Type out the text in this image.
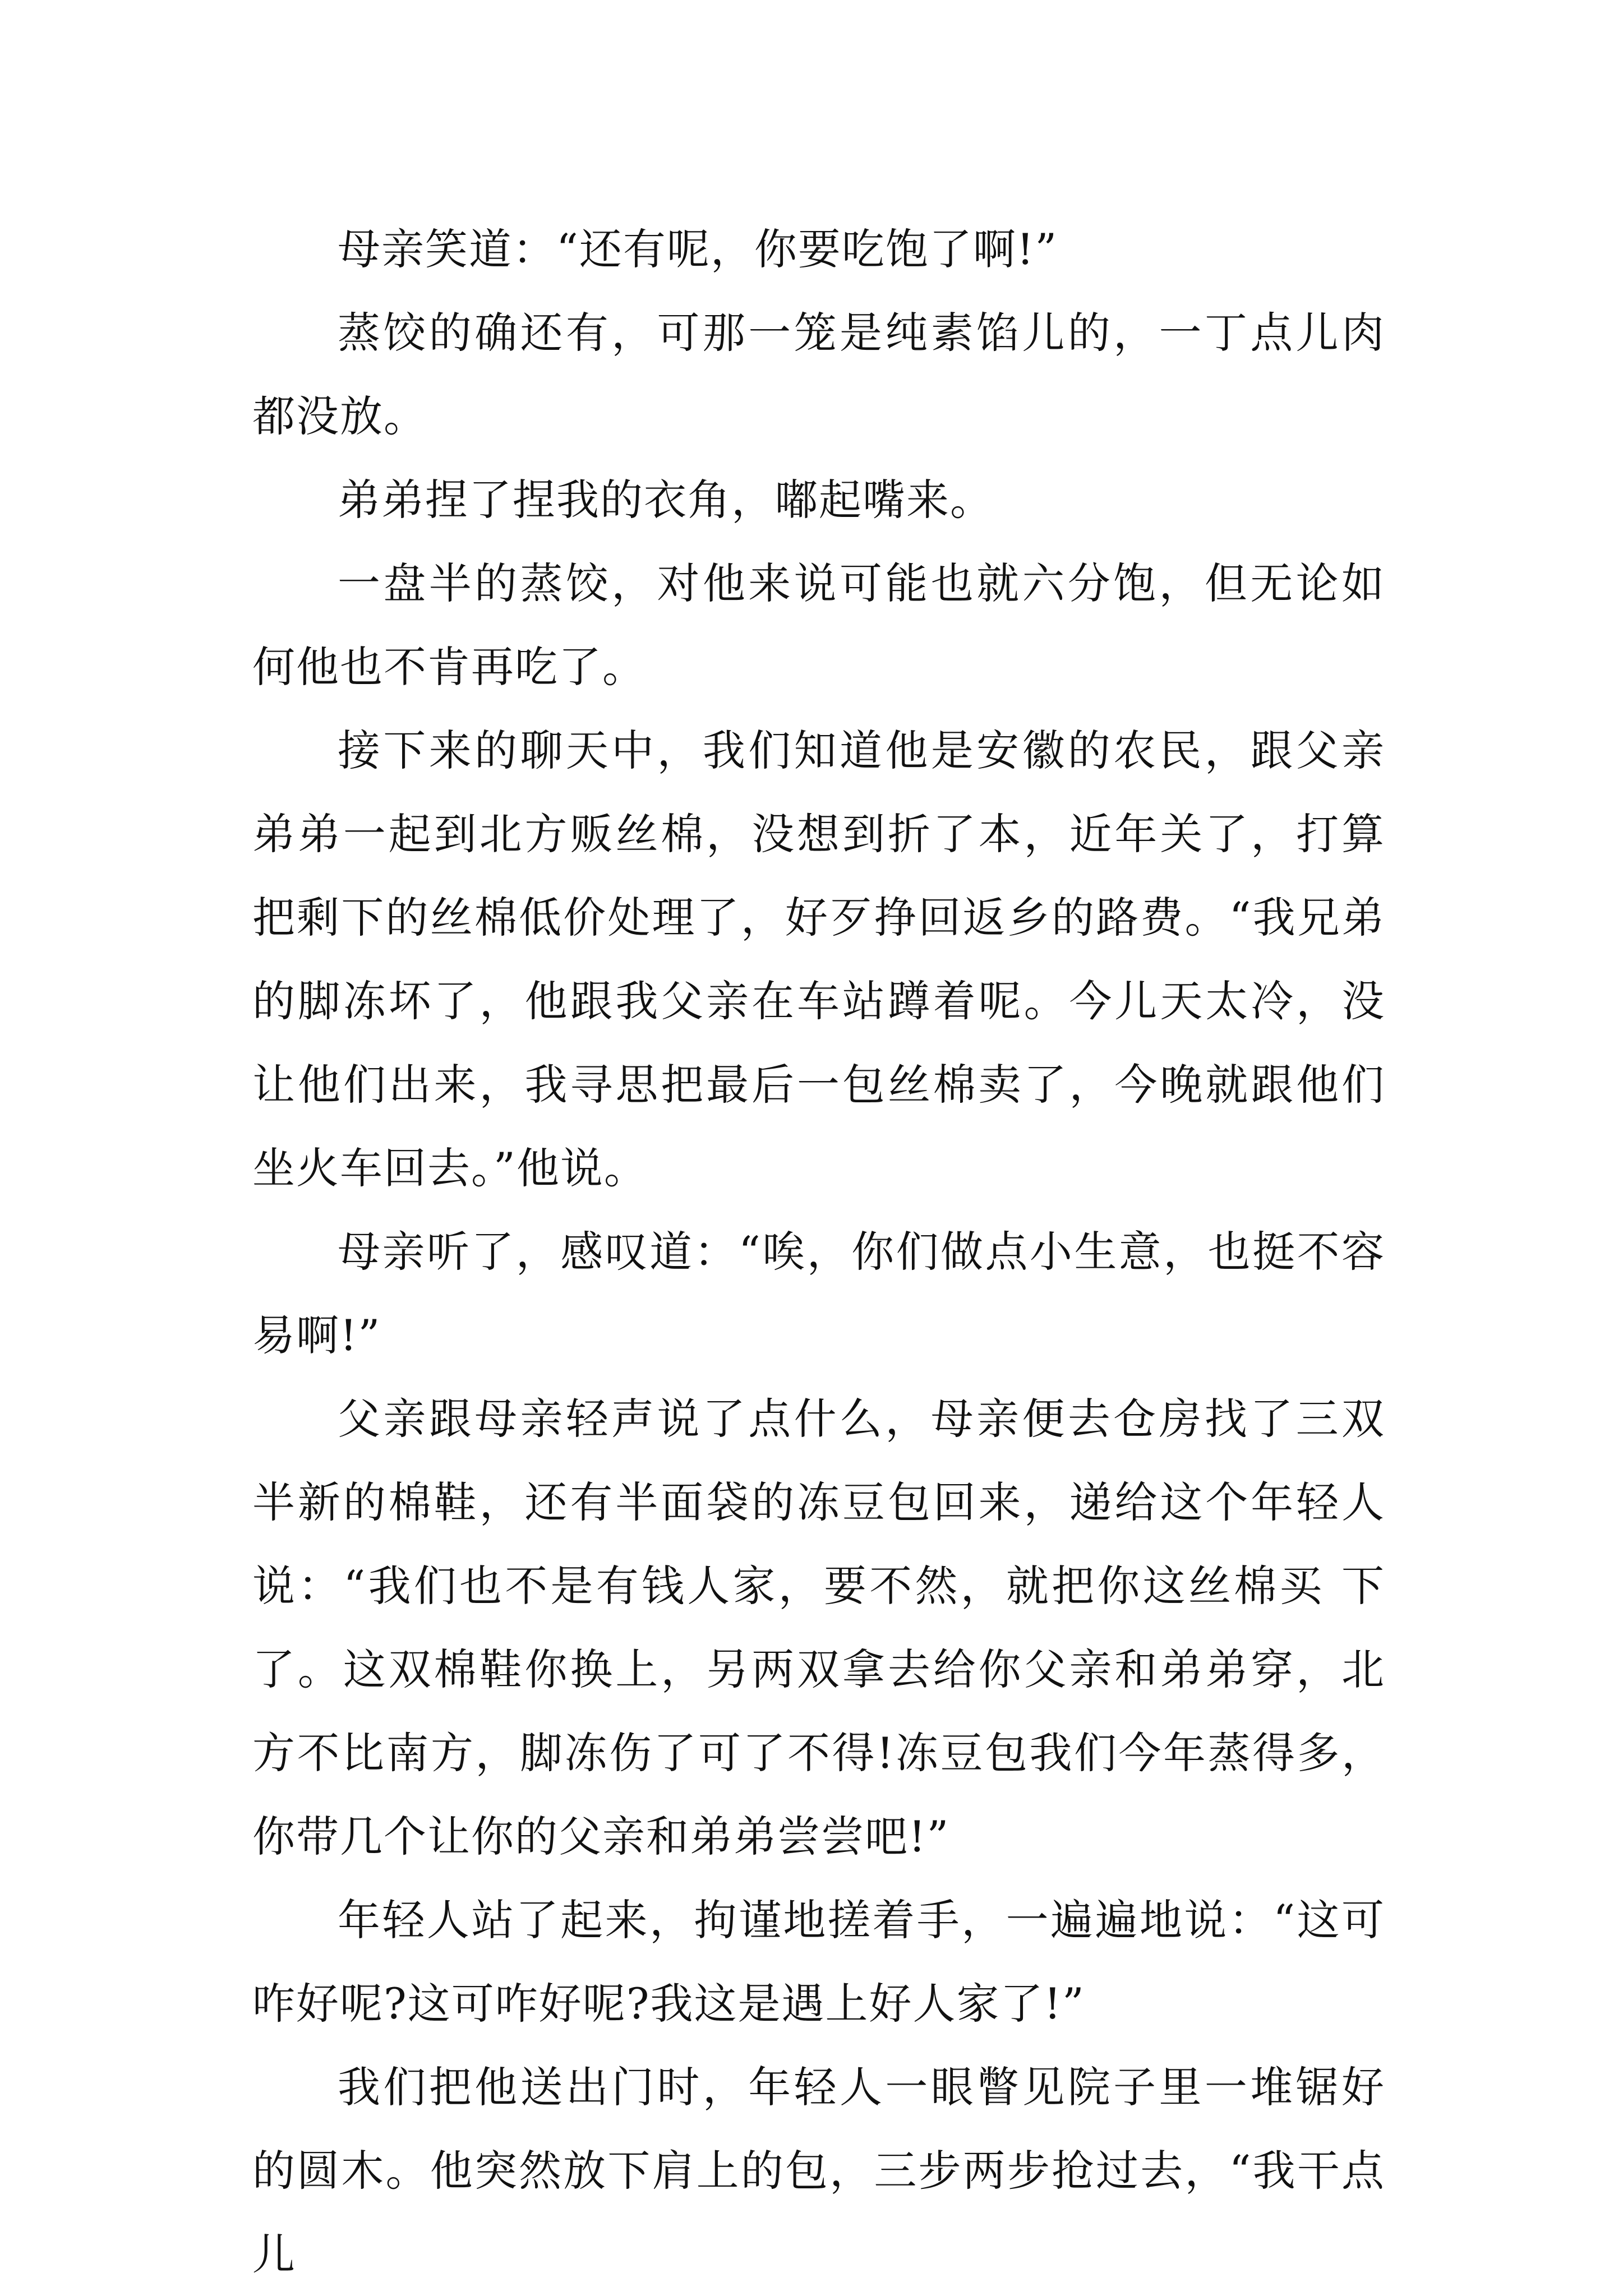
母亲笑道：“还有呢，你要吃饱了啊!”

蒸饺的确还有，可那一笼是纯素馅儿的，一丁点儿肉都没放。

弟弟捏了捏我的衣角，嘟起嘴来。

一盘半的蒸饺，对他来说可能也就六分饱，但无论如何他也不肯再吃了。

接下来的聊天中，我们知道他是安徽的农民，跟父亲弟弟一起到北方贩丝棉，没想到折了本，近年关了，打算把剩下的丝棉低价处理了，好歹挣回返乡的路费。“我兄弟的脚冻坏了，他跟我父亲在车站蹲着呢。今儿天太冷，没让他们出来，我寻思把最后一包丝棉卖了，今晚就跟他们坐火车回去。”他说。

母亲听了，感叹道：“唉，你们做点小生意，也挺不容易啊!”

父亲跟母亲轻声说了点什么，母亲便去仓房找了三双半新的棉鞋，还有半面袋的冻豆包回来，递给这个年轻人说：“我们也不是有钱人家，要不然，就把你这丝棉买 下了。这双棉鞋你换上，另两双拿去给你父亲和弟弟穿，北方不比南方，脚冻伤了可了不得!冻豆包我们今年蒸得多，你带几个让你的父亲和弟弟尝尝吧!”

年轻人站了起来，拘谨地搓着手，一遍遍地说：“这可咋好呢?这可咋好呢?我这是遇上好人家了!”

我们把他送出门时，年轻人一眼瞥见院子里一堆锯好的圆木。他突然放下肩上的包，三步两步抢过去，“我干点儿
